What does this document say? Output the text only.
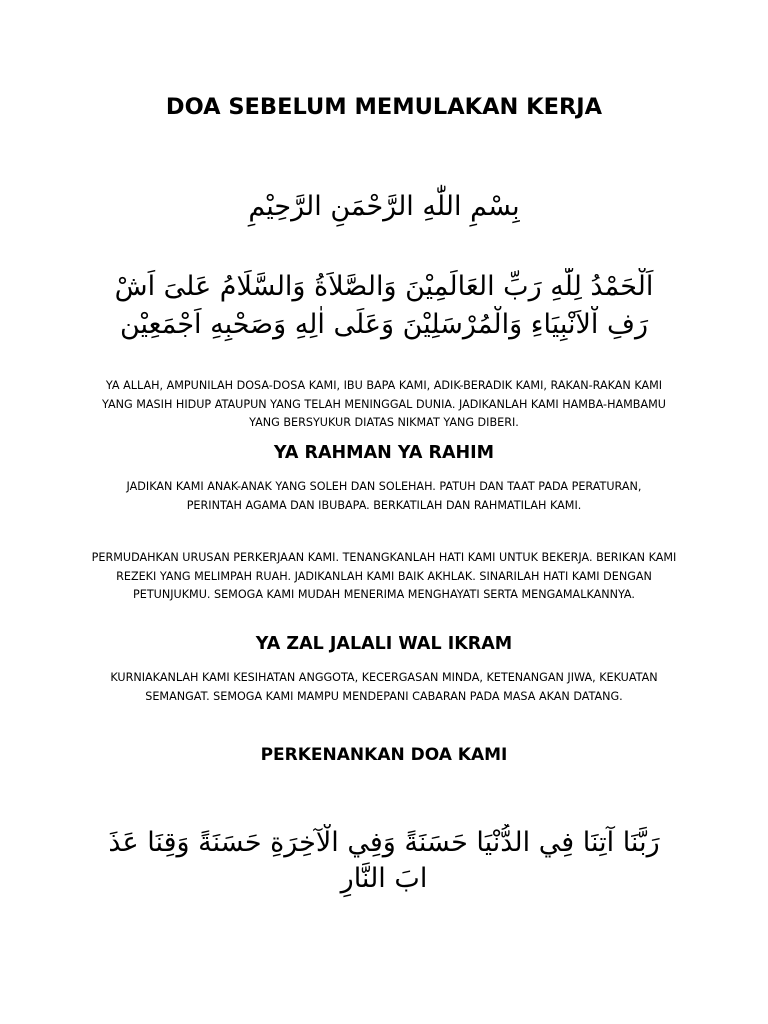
DOA SEBELUM MEMULAKAN KERJA

بِسْمِ اللّٰهِ الرَّحْمَنِ الرَّحِيْمِ

اَلْحَمْدُ لِلّٰهِ رَبِّ العَالَمِيْنَ وَالصَّلاَةُ وَالسَّلَامُ عَلىَ اَشْ

رَفِ اْلاَنْبِيَاءِ وَالْمُرْسَلِيْنَ وَعَلَى اٰلِهِ وَصَحْبِهِ اَجْمَعِيْن

YA ALLAH, AMPUNILAH DOSA-DOSA KAMI, IBU BAPA KAMI, ADIK-BERADIK KAMI, RAKAN-RAKAN KAMI YANG MASIH HIDUP ATAUPUN YANG TELAH MENINGGAL DUNIA. JADIKANLAH KAMI HAMBA-HAMBAMU YANG BERSYUKUR DIATAS NIKMAT YANG DIBERI.

YA RAHMAN YA RAHIM

JADIKAN KAMI ANAK-ANAK YANG SOLEH DAN SOLEHAH. PATUH DAN TAAT PADA PERATURAN, PERINTAH AGAMA DAN IBUBAPA. BERKATILAH DAN RAHMATILAH KAMI.

PERMUDAHKAN URUSAN PERKERJAAN KAMI. TENANGKANLAH HATI KAMI UNTUK BEKERJA. BERIKAN KAMI REZEKI YANG MELIMPAH RUAH. JADIKANLAH KAMI BAIK AKHLAK. SINARILAH HATI KAMI DENGAN PETUNJUKMU. SEMOGA KAMI MUDAH MENERIMA MENGHAYATI SERTA MENGAMALKANNYA.

YA ZAL JALALI WAL IKRAM

KURNIAKANLAH KAMI KESIHATAN ANGGOTA, KECERGASAN MINDA, KETENANGAN JIWA, KEKUATAN SEMANGAT. SEMOGA KAMI MAMPU MENDEPANI CABARAN PADA MASA AKAN DATANG.

PERKENANKAN DOA KAMI

رَبَّنَا آتِنَا فِي الدُّنْيَا حَسَنَةً وَفِي الْآخِرَةِ حَسَنَةً وَقِنَا عَذَ

ابَ النَّارِ
